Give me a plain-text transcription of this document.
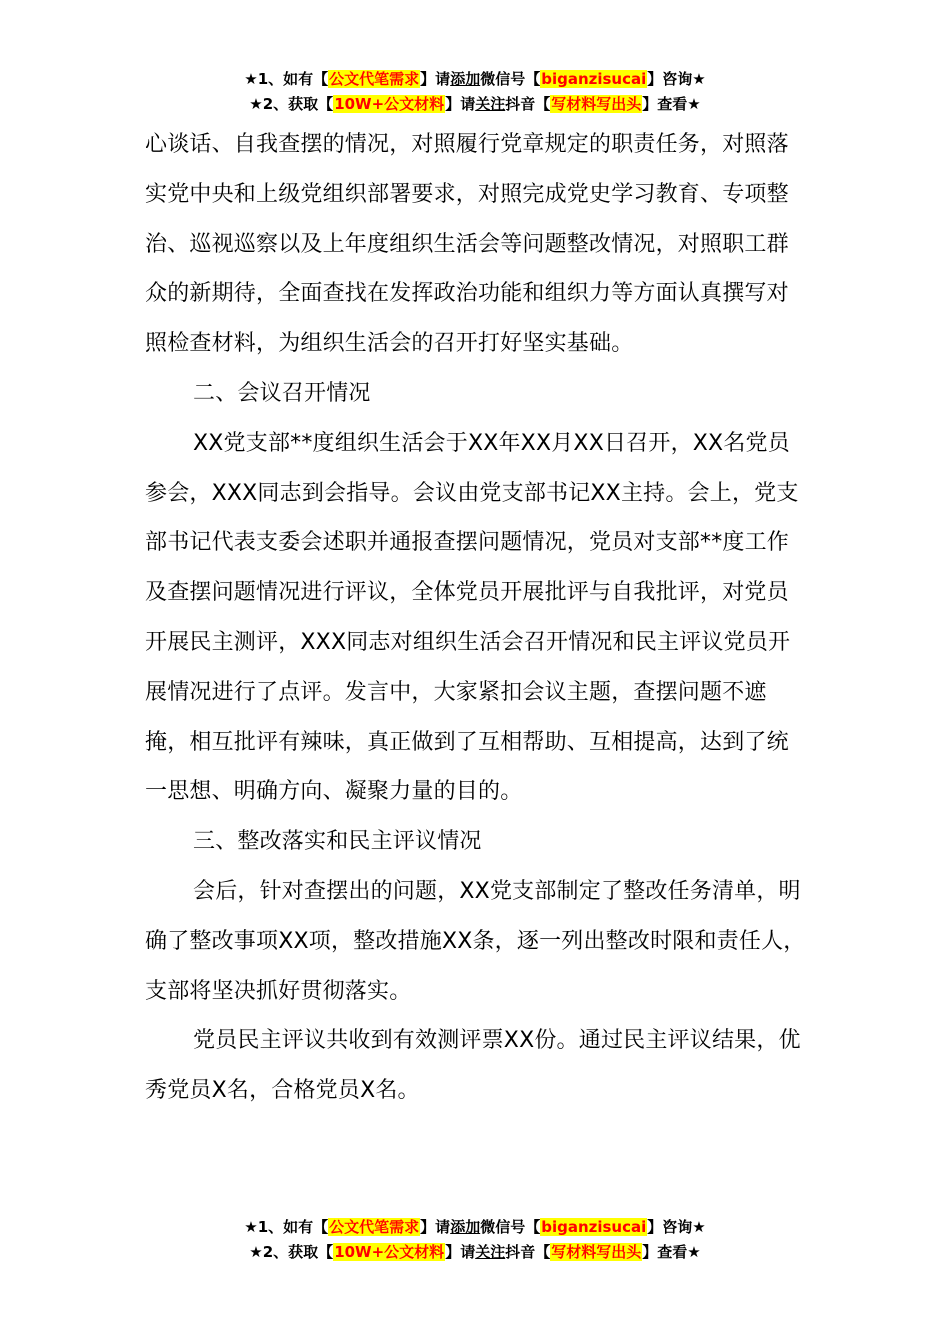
★1、如有【公文代笔需求】请添加微信号【biganzisucai】咨询★
★2、获取【10W+公文材料】请关注抖音【写材料写出头】查看★

心谈话、自我查摆的情况，对照履行党章规定的职责任务，对照落实党中央和上级党组织部署要求，对照完成党史学习教育、专项整治、巡视巡察以及上年度组织生活会等问题整改情况，对照职工群众的新期待，全面查找在发挥政治功能和组织力等方面认真撰写对照检查材料，为组织生活会的召开打好坚实基础。

二、会议召开情况

XX党支部**度组织生活会于XX年XX月XX日召开，XX名党员参会，XXX同志到会指导。会议由党支部书记XX主持。会上，党支部书记代表支委会述职并通报查摆问题情况，党员对支部**度工作及查摆问题情况进行评议，全体党员开展批评与自我批评，对党员开展民主测评，XXX同志对组织生活会召开情况和民主评议党员开展情况进行了点评。发言中，大家紧扣会议主题，查摆问题不遮掩，相互批评有辣味，真正做到了互相帮助、互相提高，达到了统一思想、明确方向、凝聚力量的目的。

三、整改落实和民主评议情况

会后，针对查摆出的问题，XX党支部制定了整改任务清单，明确了整改事项XX项，整改措施XX条，逐一列出整改时限和责任人，支部将坚决抓好贯彻落实。

党员民主评议共收到有效测评票XX份。通过民主评议结果，优秀党员X名，合格党员X名。

★1、如有【公文代笔需求】请添加微信号【biganzisucai】咨询★
★2、获取【10W+公文材料】请关注抖音【写材料写出头】查看★
